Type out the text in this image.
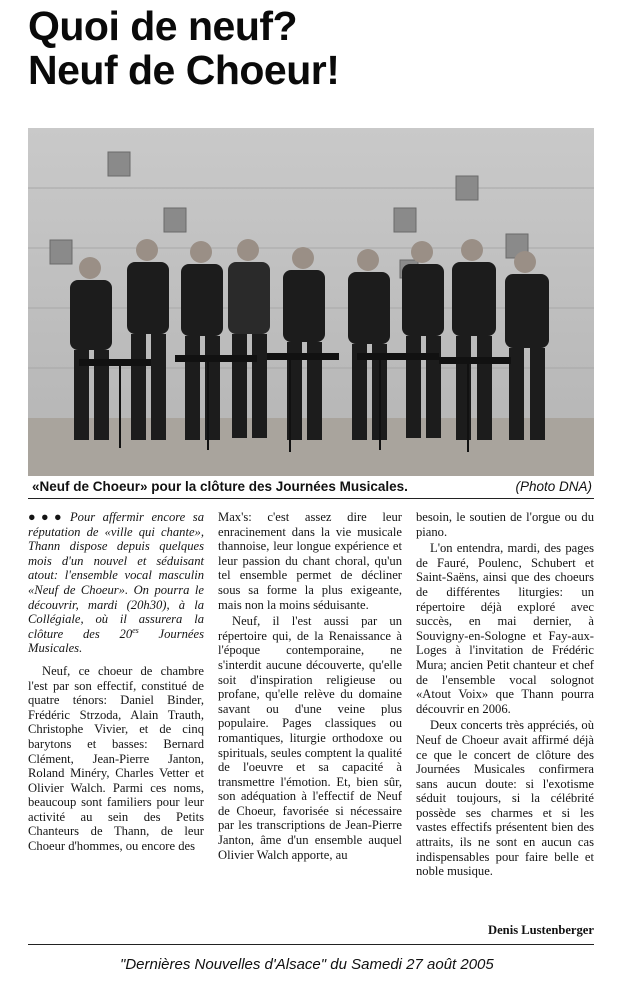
Quoi de neuf?
Neuf de Choeur!
«Neuf de Choeur» pour la clôture des Journées Musicales.	(Photo DNA)

●●● Pour affermir encore sa réputation de «ville qui chante», Thann dispose depuis quelques mois d'un nouvel et séduisant atout: l'ensemble vocal masculin «Neuf de Choeur». On pourra le découvrir, mardi (20h30), à la Collégiale, où il assurera la clôture des $20^{es}$ Journées Musicales.

Neuf, ce choeur de chambre l'est par son effectif, constitué de quatre ténors: Daniel Binder, Frédéric Strzoda, Alain Trauth, Christophe Vivier, et de cinq barytons et basses: Bernard Clément, Jean-Pierre Janton, Roland Minéry, Charles Vetter et Olivier Walch. Parmi ces noms, beaucoup sont familiers pour leur activité au sein des Petits Chanteurs de Thann, de leur Choeur d'hommes, ou encore des

Max's: c'est assez dire leur enracinement dans la vie musicale thannoise, leur longue expérience et leur passion du chant choral, qu'un tel ensemble permet de décliner sous sa forme la plus exigeante, mais non la moins séduisante.

Neuf, il l'est aussi par un répertoire qui, de la Renaissance à l'époque contemporaine, ne s'interdit aucune découverte, qu'elle soit d'inspiration religieuse ou profane, qu'elle relève du domaine savant ou d'une veine plus populaire. Pages classiques ou romantiques, liturgie orthodoxe ou spirituals, seules comptent la qualité de l'oeuvre et sa capacité à transmettre l'émotion. Et, bien sûr, son adéquation à l'effectif de Neuf de Choeur, favorisée si nécessaire par les transcriptions de Jean-Pierre Janton, âme d'un ensemble auquel Olivier Walch apporte, au

besoin, le soutien de l'orgue ou du piano.

L'on entendra, mardi, des pages de Fauré, Poulenc, Schubert et Saint-Saëns, ainsi que des choeurs de différentes liturgies: un répertoire déjà exploré avec succès, en mai dernier, à Souvigny-en-Sologne et Fay-aux-Loges à l'invitation de Frédéric Mura; ancien Petit chanteur et chef de l'ensemble vocal solognot «Atout Voix» que Thann pourra découvrir en 2006.

Deux concerts très appréciés, où Neuf de Choeur avait affirmé déjà ce que le concert de clôture des Journées Musicales confirmera sans aucun doute: si l'exotisme séduit toujours, si la célébrité possède ses charmes et si les vastes effectifs présentent bien des attraits, ils ne sont en aucun cas indispensables pour faire belle et noble musique.

Denis Lustenberger
"Dernières Nouvelles d'Alsace" du Samedi 27 août 2005
